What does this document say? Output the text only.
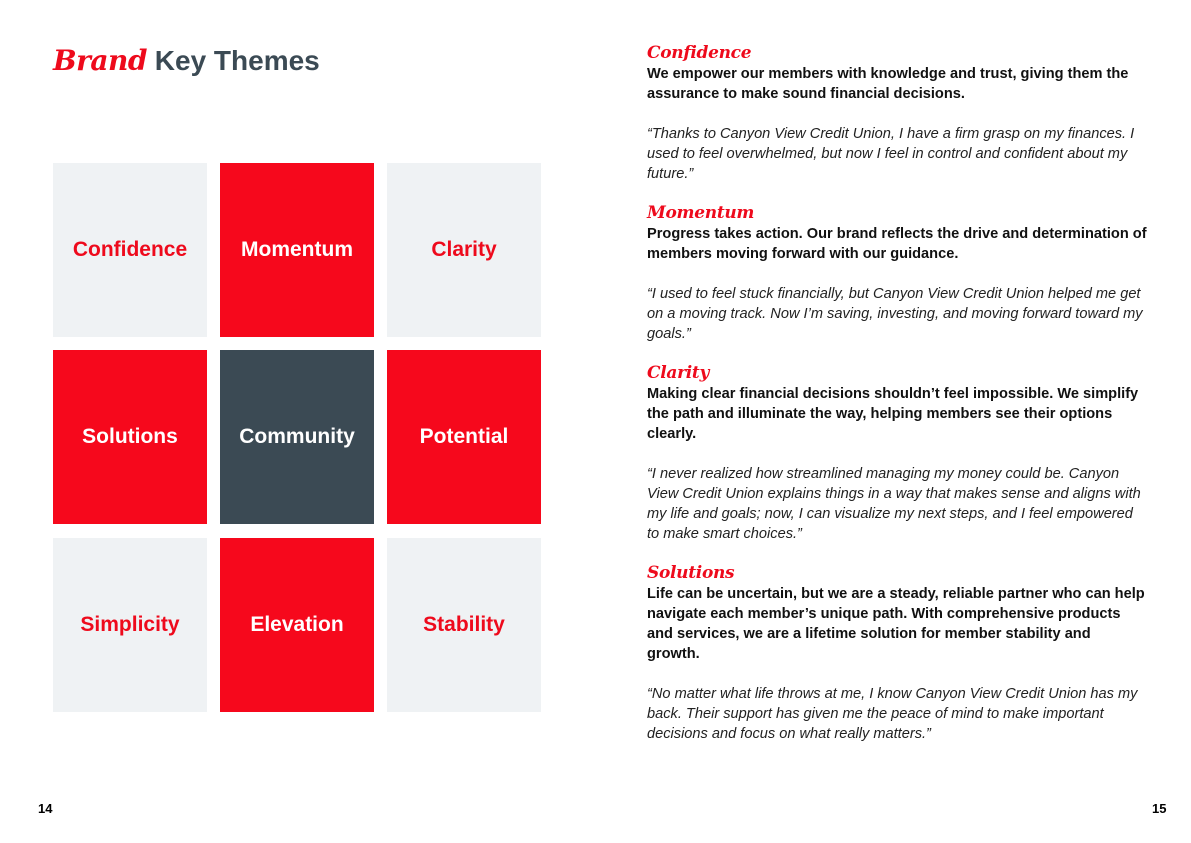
Brand Key Themes
Confidence	Momentum	Clarity
Solutions	Community	Potential
Simplicity	Elevation	Stability
14
Confidence
We empower our members with knowledge and trust, giving them the assurance to make sound financial decisions.
“Thanks to Canyon View Credit Union, I have a firm grasp on my finances. I used to feel overwhelmed, but now I feel in control and confident about my future.”
Momentum
Progress takes action. Our brand reflects the drive and determination of members moving forward with our guidance.
“I used to feel stuck financially, but Canyon View Credit Union helped me get on a moving track. Now I’m saving, investing, and moving forward toward my goals.”
Clarity
Making clear financial decisions shouldn’t feel impossible. We simplify the path and illuminate the way, helping members see their options clearly.
“I never realized how streamlined managing my money could be. Canyon View Credit Union explains things in a way that makes sense and aligns with my life and goals; now, I can visualize my next steps, and I feel empowered to make smart choices.”
Solutions
Life can be uncertain, but we are a steady, reliable partner who can help navigate each member’s unique path. With comprehensive products and services, we are a lifetime solution for member stability and growth.
“No matter what life throws at me, I know Canyon View Credit Union has my back. Their support has given me the peace of mind to make important decisions and focus on what really matters.”
15
